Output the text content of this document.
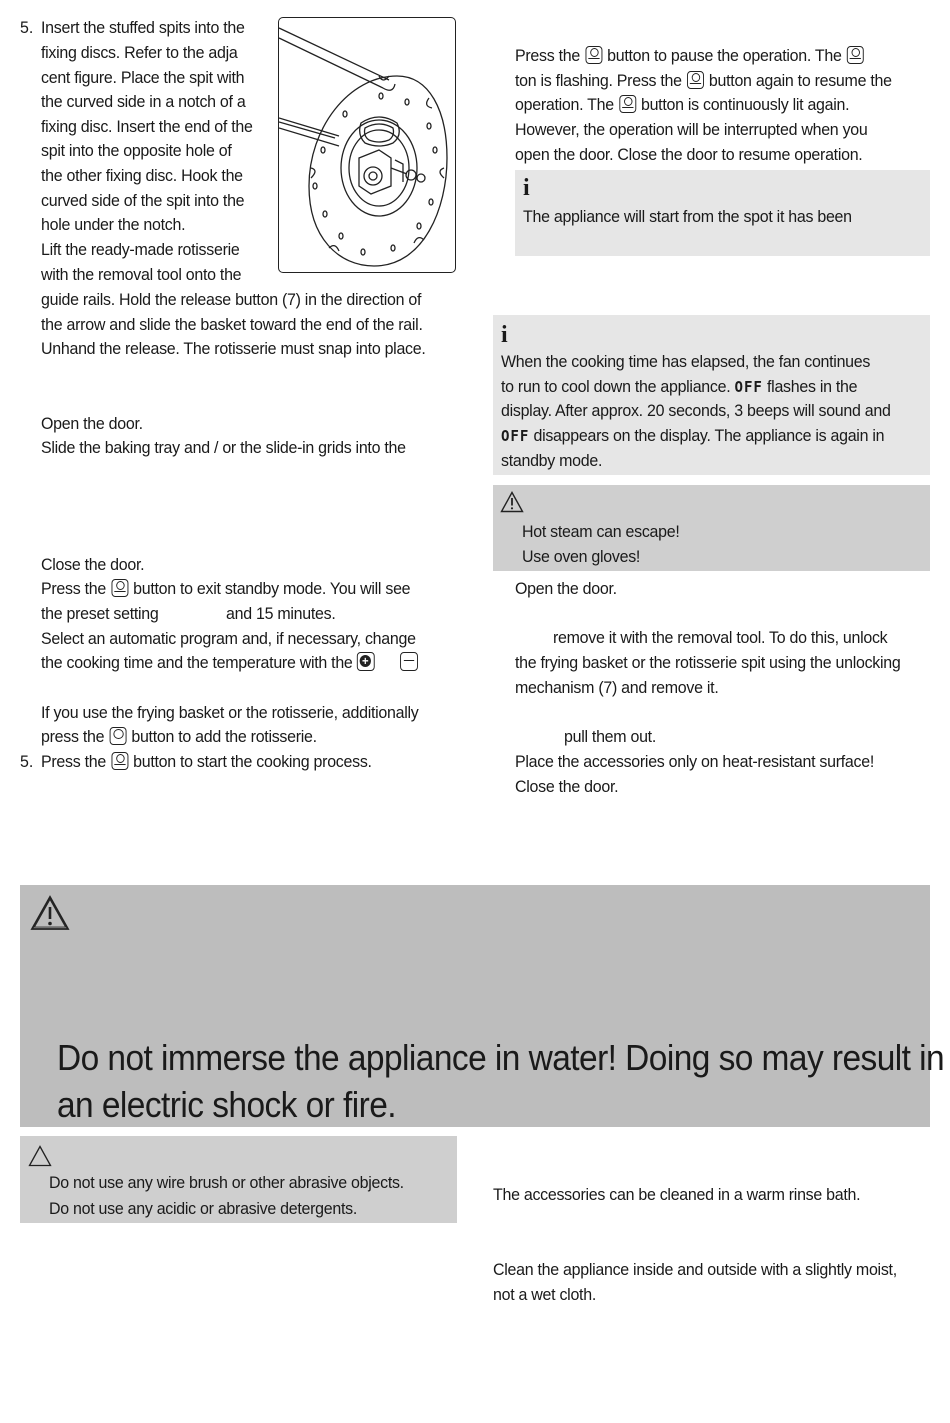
5. Insert the stuffed spits into the
fixing discs. Refer to the adja
cent figure. Place the spit with
the curved side in a notch of a
fixing disc. Insert the end of the
spit into the opposite hole of
the other fixing disc. Hook the
curved side of the spit into the
hole under the notch.
Lift the ready-made rotisserie
with the removal tool onto the
guide rails. Hold the release button (7) in the direction of
the arrow and slide the basket toward the end of the rail.
Unhand the release. The rotisserie must snap into place.
Open the door.
Slide the baking tray and / or the slide-in grids into the
Close the door.
Press the button to exit standby mode. You will see
the preset setting	and 15 minutes.
Select an automatic program and, if necessary, change
the cooking time and the temperature with the +

If you use the frying basket or the rotisserie, additionally
press the button to add the rotisserie.
5. Press the button to start the cooking process.
Press the button to pause the operation. The
ton is flashing. Press the button again to resume the
operation. The button is continuously lit again.
However, the operation will be interrupted when you
open the door. Close the door to resume operation.
i
The appliance will start from the spot it has been
i
When the cooking time has elapsed, the fan continues
to run to cool down the appliance. OFF flashes in the
display. After approx. 20 seconds, 3 beeps will sound and
OFF disappears on the display. The appliance is again in
standby mode.
Hot steam can escape!
Use oven gloves!
Open the door.
remove it with the removal tool. To do this, unlock
the frying basket or the rotisserie spit using the unlocking
mechanism (7) and remove it.
pull them out.
Place the accessories only on heat-resistant surface!
Close the door.
Do not immerse the appliance in water! Doing so may result in
an electric shock or fire.
Do not use any wire brush or other abrasive objects.
Do not use any acidic or abrasive detergents.
The accessories can be cleaned in a warm rinse bath.
Clean the appliance inside and outside with a slightly moist,
not a wet cloth.
